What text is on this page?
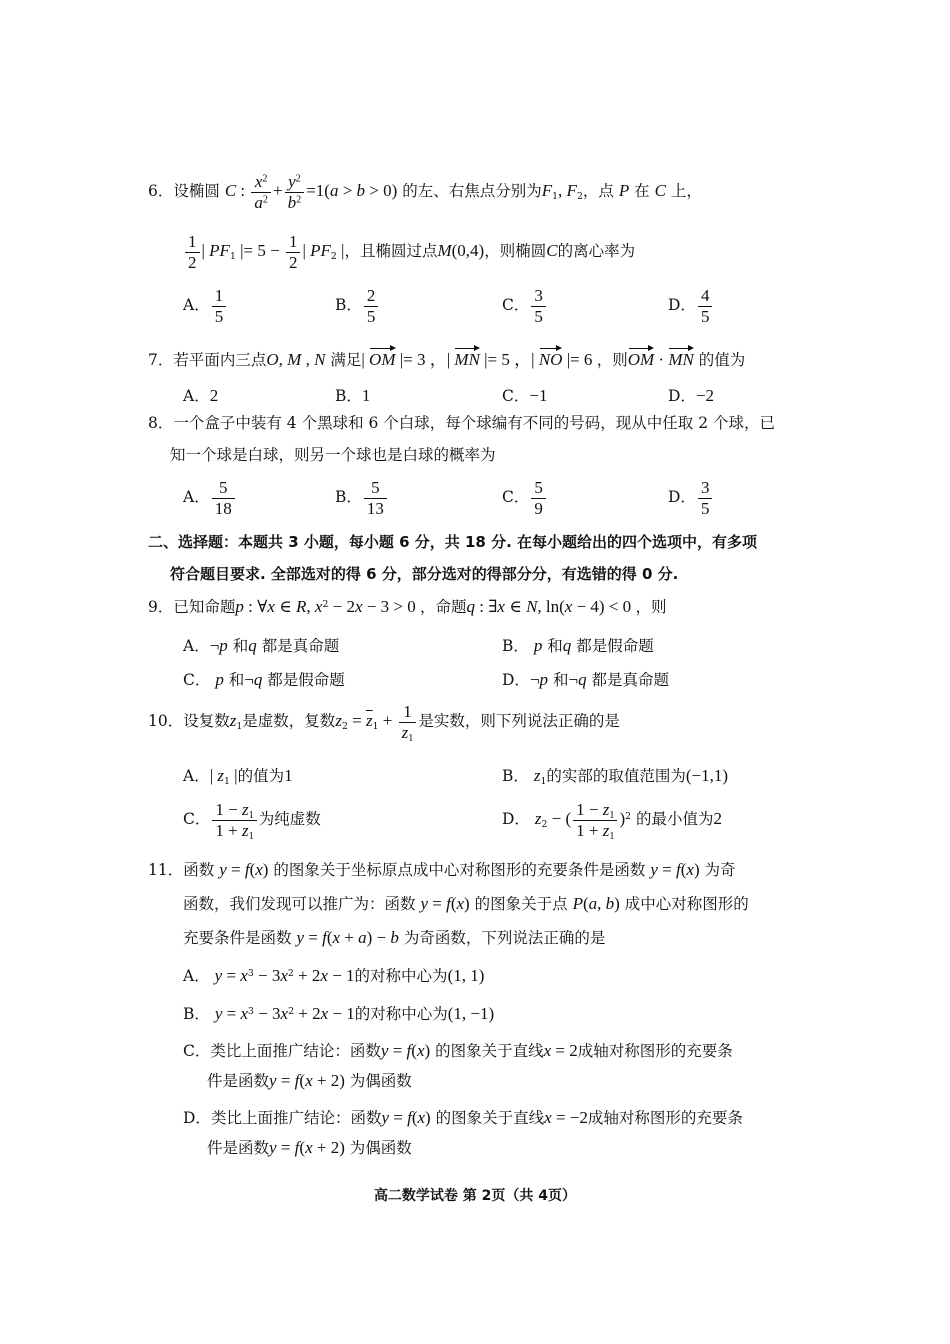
6．设椭圆 C : $\frac{x^2}{a^2} + \frac{y^2}{b^2} =1(a > b > 0)$ 的左、右焦点分别为$F_1$, $F_2$，点 P 在 C 上，
$\frac{1}{2}$ | $PF_1$ |= $5 - \frac{1}{2}$ | $PF_2$ |，且椭圆过点M(0,4)，则椭圆C的离心率为
A． $\frac{1}{5}$	B． $\frac{2}{5}$	C． $\frac{3}{5}$	D． $\frac{4}{5}$
7．若平面内三点O, M , N 满足| OM |= 3 ，| MN |= 5 ，| NO |= 6 ，则OM · MN 的值为
A．2	B．1	C．−1	D．−2
8．一个盒子中装有 4 个黑球和 6 个白球，每个球编有不同的号码，现从中任取 2 个球，已
知一个球是白球，则另一个球也是白球的概率为
A． $\frac{5}{18}$	B． $\frac{5}{13}$	C． $\frac{5}{9}$	D． $\frac{3}{5}$
二、选择题：本题共 3 小题，每小题 6 分，共 18 分. 在每小题给出的四个选项中，有多项
符合题目要求. 全部选对的得 6 分，部分选对的得部分分，有选错的得 0 分.
9．已知命题p : ∀x ∈ R, $x^2 - 2x - 3 > 0$ ，命题q : ∃x ∈ N, ln(x − 4) < 0 ，则
A．¬p 和q 都是真命题	B． p 和q 都是假命题
C． p 和¬q 都是假命题	D．¬p 和¬q 都是真命题
10．设复数$z_1$是虚数，复数$z_2 = \overline{z}_1 + \frac{1}{\overline{z}_1}$ 是实数，则下列说法正确的是
A．| $z_1$ |的值为1	B． $z_1$的实部的取值范围为(−1,1)
C． $\frac{1 - z_1}{1 + z_1}$ 为纯虚数	D． $z_2$ − ( $\frac{1 - z_1}{1 + z_1} )^2$ 的最小值为2
11．函数 y = f(x) 的图象关于坐标原点成中心对称图形的充要条件是函数 y = f(x) 为奇
函数，我们发现可以推广为：函数 y = f(x) 的图象关于点 P(a, b) 成中心对称图形的
充要条件是函数 y = f(x + a) − b 为奇函数，下列说法正确的是
A． $y = x^3 - 3x^2 + 2x - 1$的对称中心为(1, 1)
B． $y = x^3 - 3x^2 + 2x - 1$的对称中心为(1, −1)
C．类比上面推广结论：函数y = f(x) 的图象关于直线x = 2成轴对称图形的充要条
件是函数y = f(x + 2) 为偶函数
D．类比上面推广结论：函数y = f(x) 的图象关于直线x = −2成轴对称图形的充要条
件是函数y = f(x + 2) 为偶函数
高二数学试卷 第 2页（共 4页）
